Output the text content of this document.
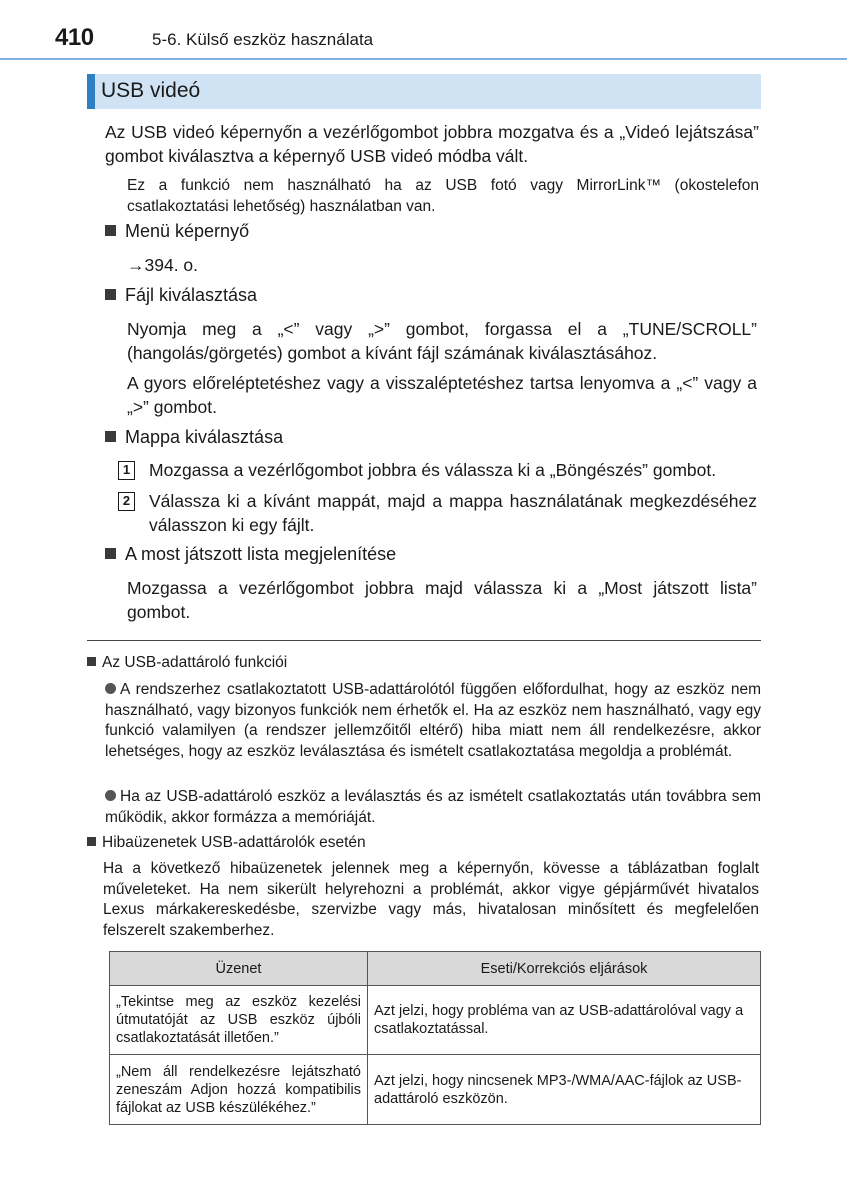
410	5-6. Külső eszköz használata
USB videó
Az USB videó képernyőn a vezérlőgombot jobbra mozgatva és a „Videó lejátszása” gombot kiválasztva a képernyő USB videó módba vált.
Ez a funkció nem használható ha az USB fotó vagy MirrorLink™ (okostelefon csatlakoztatási lehetőség) használatban van.
Menü képernyő
→394. o.
Fájl kiválasztása
Nyomja meg a „<” vagy „>” gombot, forgassa el a „TUNE/SCROLL” (hangolás/görgetés) gombot a kívánt fájl számának kiválasztásához.
A gyors előreléptetéshez vagy a visszaléptetéshez tartsa lenyomva a „<” vagy a „>” gombot.
Mappa kiválasztása
1 Mozgassa a vezérlőgombot jobbra és válassza ki a „Böngészés” gombot.
2 Válassza ki a kívánt mappát, majd a mappa használatának megkezdéséhez válasszon ki egy fájlt.
A most játszott lista megjelenítése
Mozgassa a vezérlőgombot jobbra majd válassza ki a „Most játszott lista” gombot.
Az USB-adattároló funkciói
A rendszerhez csatlakoztatott USB-adattárolótól függően előfordulhat, hogy az eszköz nem használható, vagy bizonyos funkciók nem érhetők el. Ha az eszköz nem használható, vagy egy funkció valamilyen (a rendszer jellemzőitől eltérő) hiba miatt nem áll rendelkezésre, akkor lehetséges, hogy az eszköz leválasztása és ismételt csatlakoztatása megoldja a problémát.
Ha az USB-adattároló eszköz a leválasztás és az ismételt csatlakoztatás után továbbra sem működik, akkor formázza a memóriáját.
Hibaüzenetek USB-adattárolók esetén
Ha a következő hibaüzenetek jelennek meg a képernyőn, kövesse a táblázatban foglalt műveleteket. Ha nem sikerült helyrehozni a problémát, akkor vigye gépjárművét hivatalos Lexus márkakereskedésbe, szervizbe vagy más, hivatalosan minősített és megfelelően felszerelt szakemberhez.
Üzenet	Eseti/Korrekciós eljárások
„Tekintse meg az eszköz kezelési útmutatóját az USB eszköz újbóli csatlakoztatását illetően.”	Azt jelzi, hogy probléma van az USB-adattárolóval vagy a csatlakoztatással.
„Nem áll rendelkezésre lejátszható zeneszám Adjon hozzá kompatibilis fájlokat az USB készülékéhez.”	Azt jelzi, hogy nincsenek MP3-/WMA/AAC-fájlok az USB-adattároló eszközön.
